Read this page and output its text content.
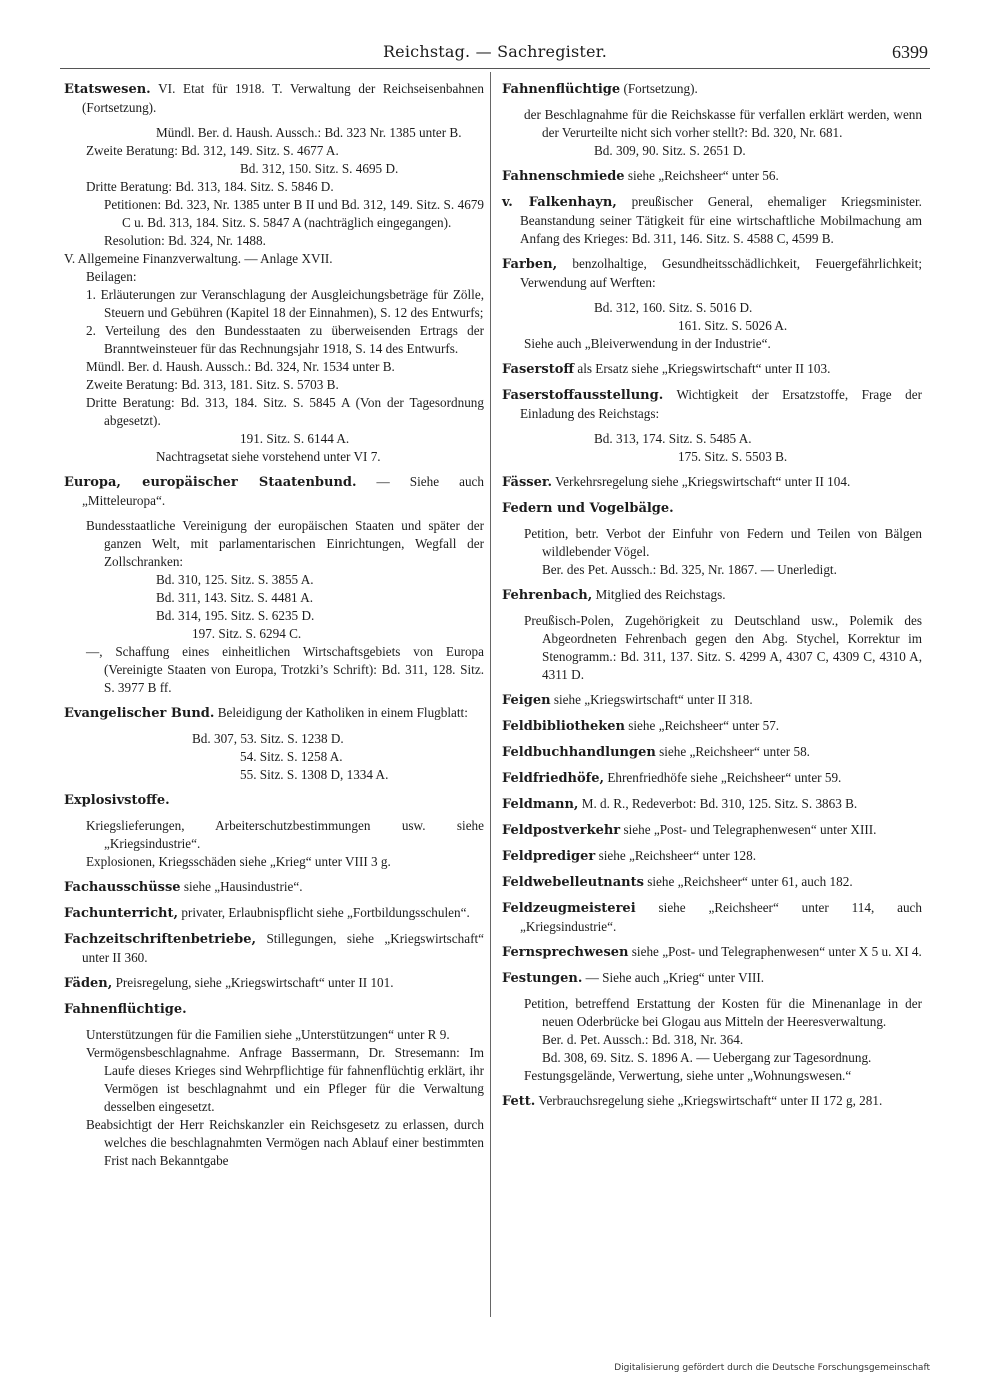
Reichstag. — Sachregister.	6399

Etatswesen. VI. Etat für 1918. T. Verwaltung der Reichseisenbahnen (Fortsetzung).

Mündl. Ber. d. Haush. Aussch.: Bd. 323 Nr. 1385 unter B.

Zweite Beratung: Bd. 312, 149. Sitz. S. 4677 A.

Bd. 312, 150. Sitz. S. 4695 D.

Dritte Beratung: Bd. 313, 184. Sitz. S. 5846 D.

Petitionen: Bd. 323, Nr. 1385 unter B II und Bd. 312, 149. Sitz. S. 4679 C u. Bd. 313, 184. Sitz. S. 5847 A (nachträglich eingegangen).

Resolution: Bd. 324, Nr. 1488.

V. Allgemeine Finanzverwaltung. — Anlage XVII.

Beilagen:

1. Erläuterungen zur Veranschlagung der Ausgleichungsbeträge für Zölle, Steuern und Gebühren (Kapitel 18 der Einnahmen), S. 12 des Entwurfs;

2. Verteilung des den Bundesstaaten zu überweisenden Ertrags der Branntweinsteuer für das Rechnungsjahr 1918, S. 14 des Entwurfs.

Mündl. Ber. d. Haush. Aussch.: Bd. 324, Nr. 1534 unter B.

Zweite Beratung: Bd. 313, 181. Sitz. S. 5703 B.

Dritte Beratung: Bd. 313, 184. Sitz. S. 5845 A (Von der Tagesordnung abgesetzt).

191. Sitz. S. 6144 A.

Nachtragsetat siehe vorstehend unter VI 7.

Europa, europäischer Staatenbund. — Siehe auch „Mitteleuropa“.

Bundesstaatliche Vereinigung der europäischen Staaten und später der ganzen Welt, mit parlamentarischen Einrichtungen, Wegfall der Zollschranken:

Bd. 310, 125. Sitz. S. 3855 A.

Bd. 311, 143. Sitz. S. 4481 A.

Bd. 314, 195. Sitz. S. 6235 D.

197. Sitz. S. 6294 C.

—, Schaffung eines einheitlichen Wirtschaftsgebiets von Europa (Vereinigte Staaten von Europa, Trotzki’s Schrift): Bd. 311, 128. Sitz. S. 3977 B ff.

Evangelischer Bund. Beleidigung der Katholiken in einem Flugblatt:

Bd. 307, 53. Sitz. S. 1238 D.

54. Sitz. S. 1258 A.

55. Sitz. S. 1308 D, 1334 A.

Explosivstoffe.

Kriegslieferungen, Arbeiterschutzbestimmungen usw. siehe „Kriegsindustrie“.

Explosionen, Kriegsschäden siehe „Krieg“ unter VIII 3 g.

Fachausschüsse siehe „Hausindustrie“.

Fachunterricht, privater, Erlaubnispflicht siehe „Fortbildungsschulen“.

Fachzeitschriftenbetriebe, Stillegungen, siehe „Kriegswirtschaft“ unter II 360.

Fäden, Preisregelung, siehe „Kriegswirtschaft“ unter II 101.

Fahnenflüchtige.

Unterstützungen für die Familien siehe „Unterstützungen“ unter R 9.

Vermögensbeschlagnahme. Anfrage Bassermann, Dr. Stresemann: Im Laufe dieses Krieges sind Wehrpflichtige für fahnenflüchtig erklärt, ihr Vermögen ist beschlagnahmt und ein Pfleger für die Verwaltung desselben eingesetzt.

Beabsichtigt der Herr Reichskanzler ein Reichsgesetz zu erlassen, durch welches die beschlagnahmten Vermögen nach Ablauf einer bestimmten Frist nach Bekanntgabe

Fahnenflüchtige (Fortsetzung).

der Beschlagnahme für die Reichskasse für verfallen erklärt werden, wenn der Verurteilte nicht sich vorher stellt?: Bd. 320, Nr. 681.

Bd. 309, 90. Sitz. S. 2651 D.

Fahnenschmiede siehe „Reichsheer“ unter 56.

v. Falkenhayn, preußischer General, ehemaliger Kriegsminister. Beanstandung seiner Tätigkeit für eine wirtschaftliche Mobilmachung am Anfang des Krieges: Bd. 311, 146. Sitz. S. 4588 C, 4599 B.

Farben, benzolhaltige, Gesundheitsschädlichkeit, Feuergefährlichkeit; Verwendung auf Werften:

Bd. 312, 160. Sitz. S. 5016 D.

161. Sitz. S. 5026 A.

Siehe auch „Bleiverwendung in der Industrie“.

Faserstoff als Ersatz siehe „Kriegswirtschaft“ unter II 103.

Faserstoffausstellung. Wichtigkeit der Ersatzstoffe, Frage der Einladung des Reichstags:

Bd. 313, 174. Sitz. S. 5485 A.

175. Sitz. S. 5503 B.

Fässer. Verkehrsregelung siehe „Kriegswirtschaft“ unter II 104.

Federn und Vogelbälge.

Petition, betr. Verbot der Einfuhr von Federn und Teilen von Bälgen wildlebender Vögel.

Ber. des Pet. Aussch.: Bd. 325, Nr. 1867. — Unerledigt.

Fehrenbach, Mitglied des Reichstags.

Preußisch-Polen, Zugehörigkeit zu Deutschland usw., Polemik des Abgeordneten Fehrenbach gegen den Abg. Stychel, Korrektur im Stenogramm.: Bd. 311, 137. Sitz. S. 4299 A, 4307 C, 4309 C, 4310 A, 4311 D.

Feigen siehe „Kriegswirtschaft“ unter II 318.

Feldbibliotheken siehe „Reichsheer“ unter 57.

Feldbuchhandlungen siehe „Reichsheer“ unter 58.

Feldfriedhöfe, Ehrenfriedhöfe siehe „Reichsheer“ unter 59.

Feldmann, M. d. R., Redeverbot: Bd. 310, 125. Sitz. S. 3863 B.

Feldpostverkehr siehe „Post- und Telegraphenwesen“ unter XIII.

Feldprediger siehe „Reichsheer“ unter 128.

Feldwebelleutnants siehe „Reichsheer“ unter 61, auch 182.

Feldzeugmeisterei siehe „Reichsheer“ unter 114, auch „Kriegsindustrie“.

Fernsprechwesen siehe „Post- und Telegraphenwesen“ unter X 5 u. XI 4.

Festungen. — Siehe auch „Krieg“ unter VIII.

Petition, betreffend Erstattung der Kosten für die Minenanlage in der neuen Oderbrücke bei Glogau aus Mitteln der Heeresverwaltung.

Ber. d. Pet. Aussch.: Bd. 318, Nr. 364.

Bd. 308, 69. Sitz. S. 1896 A. — Uebergang zur Tagesordnung.

Festungsgelände, Verwertung, siehe unter „Wohnungswesen.“

Fett. Verbrauchsregelung siehe „Kriegswirtschaft“ unter II 172 g, 281.

Digitalisierung gefördert durch die Deutsche Forschungsgemeinschaft
